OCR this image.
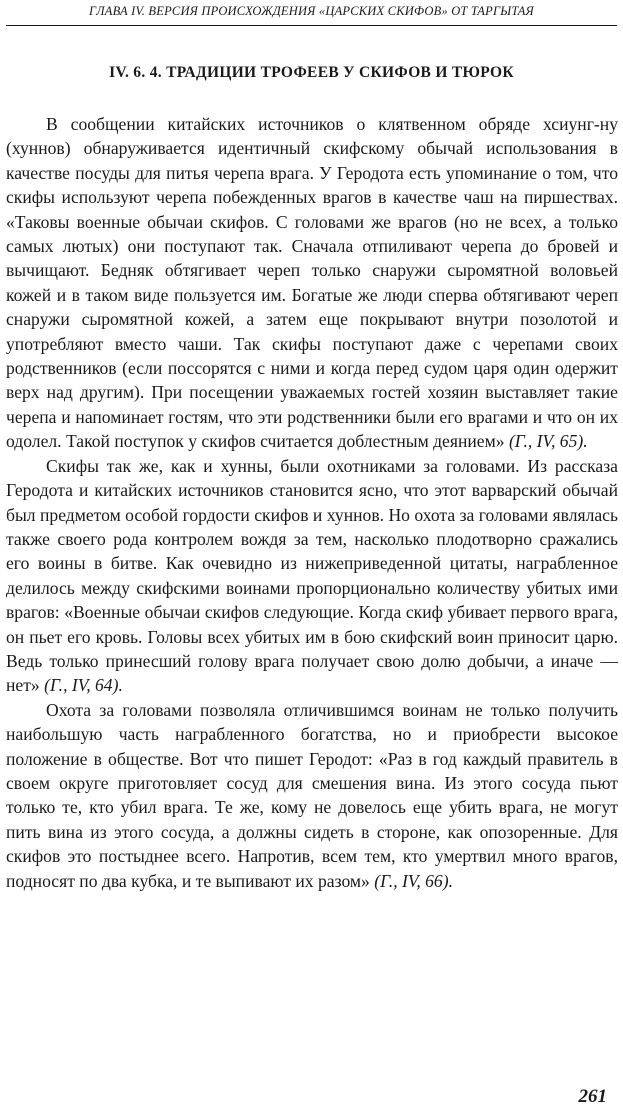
ГЛАВА IV. ВЕРСИЯ ПРОИСХОЖДЕНИЯ «ЦАРСКИХ СКИФОВ» ОТ ТАРГЫТАЯ
IV. 6. 4. ТРАДИЦИИ ТРОФЕЕВ У СКИФОВ И ТЮРОК

В сообщении китайских источников о клятвенном обряде хсиунг-ну (хуннов) обнаруживается идентичный скифскому обычай использования в качестве посуды для питья черепа врага. У Геродота есть упоминание о том, что скифы используют черепа побежденных врагов в качестве чаш на пиршествах. «Таковы военные обычаи скифов. С головами же врагов (но не всех, а только самых лютых) они поступают так. Сначала отпиливают черепа до бровей и вычищают. Бедняк обтягивает череп только снаружи сыромятной воловьей кожей и в таком виде пользуется им. Богатые же люди сперва обтягивают череп снаружи сыромятной кожей, а затем еще покрывают внутри позолотой и употребляют вместо чаши. Так скифы поступают даже с черепами своих родственников (если поссорятся с ними и когда перед судом царя один одержит верх над другим). При посещении уважаемых гостей хозяин выставляет такие черепа и напоминает гостям, что эти родственники были его врагами и что он их одолел. Такой поступок у скифов считается доблестным деянием» (Г., IV, 65).

Скифы так же, как и хунны, были охотниками за головами. Из рассказа Геродота и китайских источников становится ясно, что этот варварский обычай был предметом особой гордости скифов и хуннов. Но охота за головами являлась также своего рода контролем вождя за тем, насколько плодотворно сражались его воины в битве. Как очевидно из нижеприведенной цитаты, награбленное делилось между скифскими воинами пропорционально количеству убитых ими врагов: «Военные обычаи скифов следующие. Когда скиф убивает первого врага, он пьет его кровь. Головы всех убитых им в бою скифский воин приносит царю. Ведь только принесший голову врага получает свою долю добычи, а иначе — нет» (Г., IV, 64).

Охота за головами позволяла отличившимся воинам не только получить наибольшую часть награбленного богатства, но и приобрести высокое положение в обществе. Вот что пишет Геродот: «Раз в год каждый правитель в своем округе приготовляет сосуд для смешения вина. Из этого сосуда пьют только те, кто убил врага. Те же, кому не довелось еще убить врага, не могут пить вина из этого сосуда, а должны сидеть в стороне, как опозоренные. Для скифов это постыднее всего. Напротив, всем тем, кто умертвил много врагов, подносят по два кубка, и те выпивают их разом» (Г., IV, 66).

261
